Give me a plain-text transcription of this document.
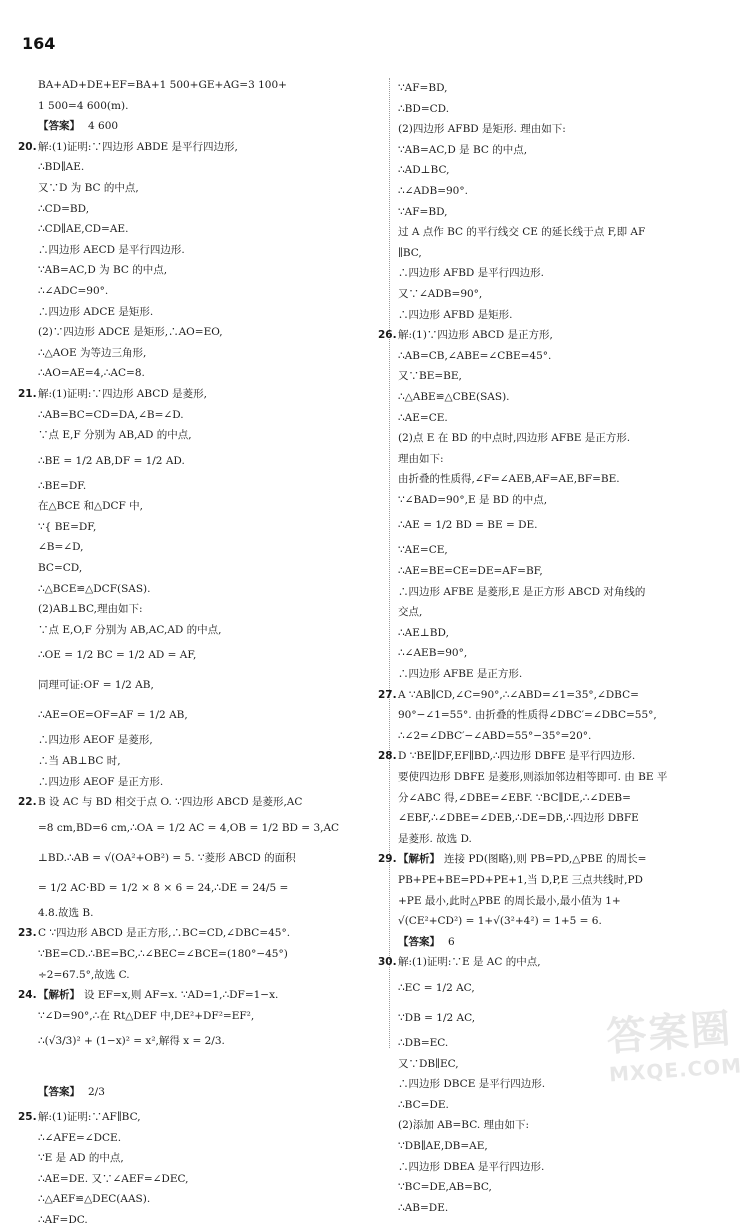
164
BA+AD+DE+EF=BA+1 500+GE+AG=3 100+
1 500=4 600(m).
【答案】 4 600
20. 解:(1)证明:∵四边形 ABDE 是平行四边形,
∴BD∥AE.
又∵D 为 BC 的中点,
∴CD=BD,
∴CD∥AE,CD=AE.
∴四边形 AECD 是平行四边形.
∵AB=AC,D 为 BC 的中点,
∴∠ADC=90°.
∴四边形 ADCE 是矩形.
(2)∵四边形 ADCE 是矩形,∴AO=EO,
∴△AOE 为等边三角形,
∴AO=AE=4,∴AC=8.
21. 解:(1)证明:∵四边形 ABCD 是菱形,
∴AB=BC=CD=DA,∠B=∠D.
∵点 E,F 分别为 AB,AD 的中点,
∴BE = 1/2 AB,DF = 1/2 AD.
∴BE=DF.
在△BCE 和△DCF 中,
∵{ BE=DF,
∠B=∠D,
BC=CD,
∴△BCE≌△DCF(SAS).
(2)AB⊥BC,理由如下:
∵点 E,O,F 分别为 AB,AC,AD 的中点,
∴OE = 1/2 BC = 1/2 AD = AF,
同理可证:OF = 1/2 AB,
∴AE=OE=OF=AF = 1/2 AB,
∴四边形 AEOF 是菱形,
∴当 AB⊥BC 时,
∴四边形 AEOF 是正方形.
22. B 设 AC 与 BD 相交于点 O. ∵四边形 ABCD 是菱形,AC
=8 cm,BD=6 cm,∴OA = 1/2 AC = 4,OB = 1/2 BD = 3,AC
⊥BD.∴AB = √(OA²+OB²) = 5. ∵菱形 ABCD 的面积
= 1/2 AC·BD = 1/2 × 8 × 6 = 24,∴DE = 24/5 =
4.8.故选 B.
23. C ∵四边形 ABCD 是正方形,∴BC=CD,∠DBC=45°.
∵BE=CD.∴BE=BC,∴∠BEC=∠BCE=(180°−45°)
÷2=67.5°,故选 C.
24. 【解析】 设 EF=x,则 AF=x. ∵AD=1,∴DF=1−x.
∵∠D=90°,∴在 Rt△DEF 中,DE²+DF²=EF²,
∴(√3/3)² + (1−x)² = x²,解得 x = 2/3.
【答案】 2/3
25. 解:(1)证明:∵AF∥BC,
∴∠AFE=∠DCE.
∵E 是 AD 的中点,
∴AE=DE. 又∵∠AEF=∠DEC,
∴△AEF≌△DEC(AAS).
∴AF=DC.
∵AF=BD,
∴BD=CD.
(2)四边形 AFBD 是矩形. 理由如下:
∵AB=AC,D 是 BC 的中点,
∴AD⊥BC,
∴∠ADB=90°.
∵AF=BD,
过 A 点作 BC 的平行线交 CE 的延长线于点 F,即 AF
∥BC,
∴四边形 AFBD 是平行四边形.
又∵∠ADB=90°,
∴四边形 AFBD 是矩形.
26. 解:(1)∵四边形 ABCD 是正方形,
∴AB=CB,∠ABE=∠CBE=45°.
又∵BE=BE,
∴△ABE≌△CBE(SAS).
∴AE=CE.
(2)点 E 在 BD 的中点时,四边形 AFBE 是正方形.
理由如下:
由折叠的性质得,∠F=∠AEB,AF=AE,BF=BE.
∵∠BAD=90°,E 是 BD 的中点,
∴AE = 1/2 BD = BE = DE.
∵AE=CE,
∴AE=BE=CE=DE=AF=BF,
∴四边形 AFBE 是菱形,E 是正方形 ABCD 对角线的
交点,
∴AE⊥BD,
∴∠AEB=90°,
∴四边形 AFBE 是正方形.
27. A ∵AB∥CD,∠C=90°,∴∠ABD=∠1=35°,∠DBC=
90°−∠1=55°. 由折叠的性质得∠DBC′=∠DBC=55°,
∴∠2=∠DBC′−∠ABD=55°−35°=20°.
28. D ∵BE∥DF,EF∥BD,∴四边形 DBFE 是平行四边形.
要使四边形 DBFE 是菱形,则添加邻边相等即可. 由 BE 平
分∠ABC 得,∠DBE=∠EBF. ∵BC∥DE,∴∠DEB=
∠EBF,∴∠DBE=∠DEB,∴DE=DB,∴四边形 DBFE
是菱形. 故选 D.
29. 【解析】 连接 PD(图略),则 PB=PD,△PBE 的周长=
PB+PE+BE=PD+PE+1,当 D,P,E 三点共线时,PD
+PE 最小,此时△PBE 的周长最小,最小值为 1+
√(CE²+CD²) = 1+√(3²+4²) = 1+5 = 6.
【答案】 6
30. 解:(1)证明:∵E 是 AC 的中点,
∴EC = 1/2 AC,
∵DB = 1/2 AC,
∴DB=EC.
又∵DB∥EC,
∴四边形 DBCE 是平行四边形.
∴BC=DE.
(2)添加 AB=BC. 理由如下:
∵DB∥AE,DB=AE,
∴四边形 DBEA 是平行四边形.
∵BC=DE,AB=BC,
∴AB=DE.
答案圈
MXQE.COM
